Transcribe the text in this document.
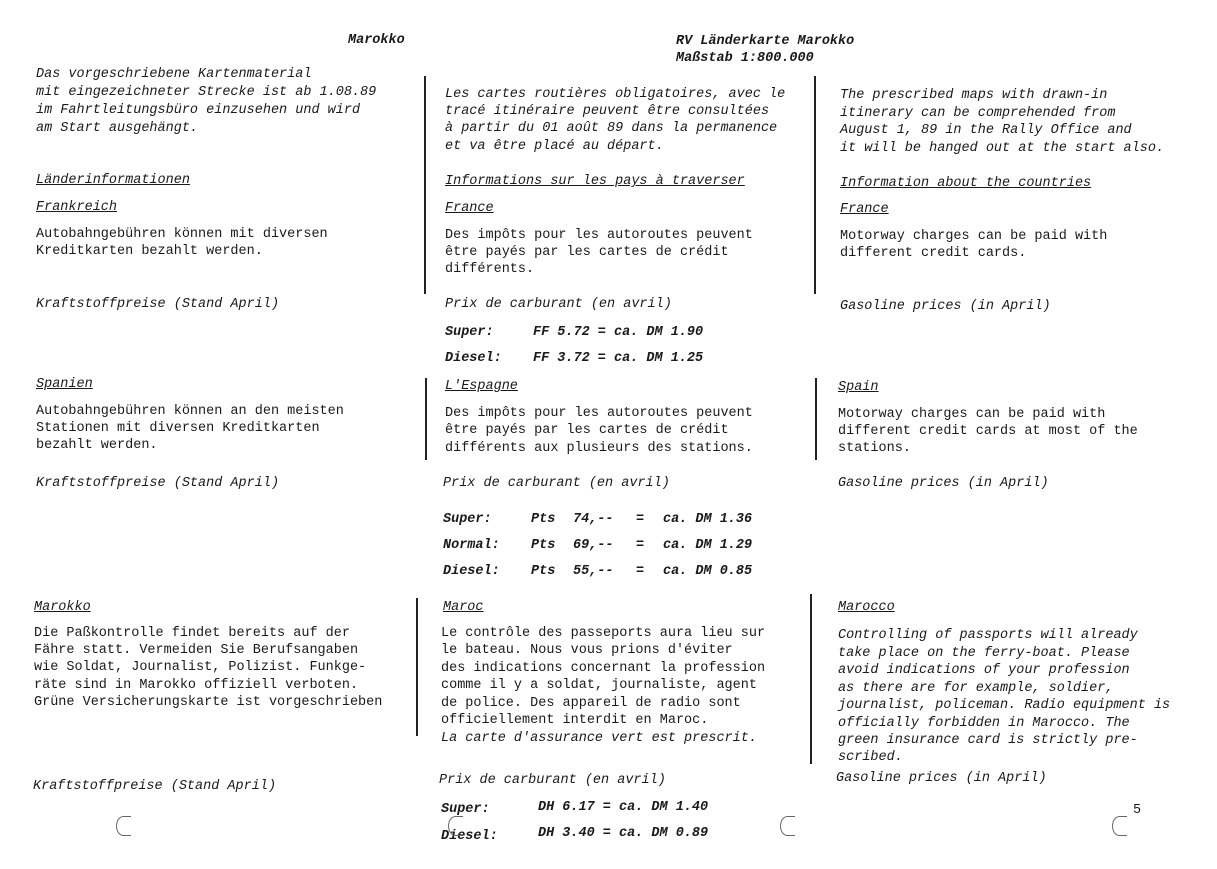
Marokko	RV Länderkarte Marokko
Maßstab 1:800.000
Das vorgeschriebene Kartenmaterial
mit eingezeichneter Strecke ist ab 1.08.89
im Fahrtleitungsbüro einzusehen und wird
am Start ausgehängt.
Länderinformationen
Frankreich
Autobahngebühren können mit diversen
Kreditkarten bezahlt werden.
Kraftstoffpreise (Stand April)
Spanien
Autobahngebühren können an den meisten
Stationen mit diversen Kreditkarten
bezahlt werden.
Kraftstoffpreise (Stand April)
Marokko
Die Paßkontrolle findet bereits auf der
Fähre statt. Vermeiden Sie Berufsangaben
wie Soldat, Journalist, Polizist. Funkge-
räte sind in Marokko offiziell verboten.
Grüne Versicherungskarte ist vorgeschrieben
Kraftstoffpreise (Stand April)
Les cartes routières obligatoires, avec le
tracé itinéraire peuvent être consultées
à partir du 01 août 89 dans la permanence
et va être placé au départ.
Informations sur les pays à traverser
France
Des impôts pour les autoroutes peuvent
être payés par les cartes de crédit
différents.
Prix de carburant (en avril)
Super:	FF 5.72 = ca. DM 1.90
Diesel: FF 3.72 = ca. DM 1.25
L'Espagne
Des impôts pour les autoroutes peuvent
être payés par les cartes de crédit
différents aux plusieurs des stations.
Prix de carburant (en avril)
Super:	Pts 74,-- = ca. DM 1.36
Normal: Pts 69,-- = ca. DM 1.29
Diesel: Pts 55,-- = ca. DM 0.85
Maroc
Le contrôle des passeports aura lieu sur
le bateau. Nous vous prions d'éviter
des indications concernant la profession
comme il y a soldat, journaliste, agent
de police. Des appareil de radio sont
officiellement interdit en Maroc.
La carte d'assurance vert est prescrit.
Prix de carburant (en avril)
Super:	DH 6.17 = ca. DM 1.40
Diesel:	DH 3.40 = ca. DM 0.89
The prescribed maps with drawn-in
itinerary can be comprehended from
August 1, 89 in the Rally Office and
it will be hanged out at the start also.
Information about the countries
France
Motorway charges can be paid with
different credit cards.
Gasoline prices (in April)
Spain
Motorway charges can be paid with
different credit cards at most of the
stations.
Gasoline prices (in April)
Marocco
Controlling of passports will already
take place on the ferry-boat. Please
avoid indications of your profession
as there are for example, soldier,
journalist, policeman. Radio equipment is
officially forbidden in Marocco. The
green insurance card is strictly pre-
scribed.
Gasoline prices (in April)
5
